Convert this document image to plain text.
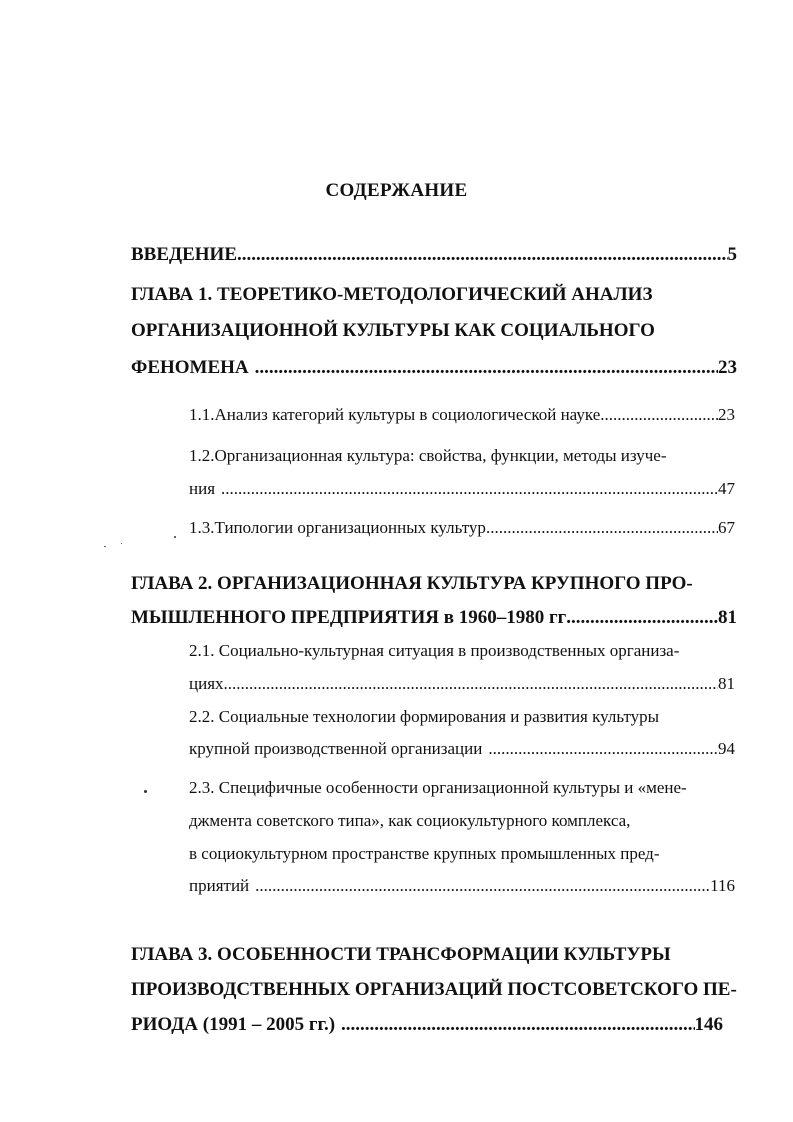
СОДЕРЖАНИЕ
ВВЕДЕНИЕ .....	5
ГЛАВА 1. ТЕОРЕТИКО-МЕТОДОЛОГИЧЕСКИЙ АНАЛИЗ
ОРГАНИЗАЦИОННОЙ КУЛЬТУРЫ КАК СОЦИАЛЬНОГО
ФЕНОМЕНА .....	23
1.1.Анализ категорий культуры в социологической науке .....	23
1.2.Организационная культура: свойства, функции, методы изуче-
ния .....	47
1.3.Типологии организационных культур .....	67
ГЛАВА 2. ОРГАНИЗАЦИОННАЯ КУЛЬТУРА КРУПНОГО ПРО-
МЫШЛЕННОГО ПРЕДПРИЯТИЯ в 1960–1980 гг .....	81
2.1. Социально-культурная ситуация в производственных организа-
циях .....	81
2.2. Социальные технологии формирования и развития культуры
крупной производственной организации .....	94
2.3. Специфичные особенности организационной культуры и «мене-
джмента советского типа», как социокультурного комплекса,
в социокультурном пространстве крупных промышленных пред-
приятий .....	116
ГЛАВА 3. ОСОБЕННОСТИ ТРАНСФОРМАЦИИ КУЛЬТУРЫ
ПРОИЗВОДСТВЕННЫХ ОРГАНИЗАЦИЙ ПОСТСОВЕТСКОГО ПЕ-
РИОДА (1991 – 2005 гг.) .....	146
